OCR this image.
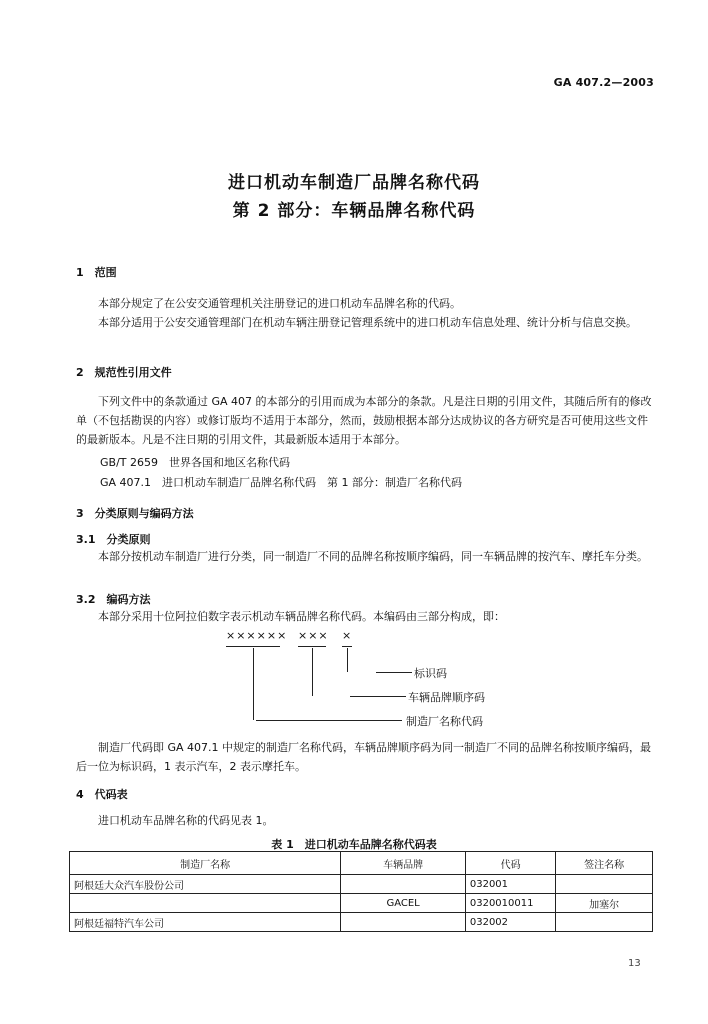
GA 407.2—2003
进口机动车制造厂品牌名称代码
第 2 部分：车辆品牌名称代码
1　范围
本部分规定了在公安交通管理机关注册登记的进口机动车品牌名称的代码。
本部分适用于公安交通管理部门在机动车辆注册登记管理系统中的进口机动车信息处理、统计分析与信息交换。
2　规范性引用文件
下列文件中的条款通过 GA 407 的本部分的引用而成为本部分的条款。凡是注日期的引用文件，其随后所有的修改单（不包括勘误的内容）或修订版均不适用于本部分，然而，鼓励根据本部分达成协议的各方研究是否可使用这些文件的最新版本。凡是不注日期的引用文件，其最新版本适用于本部分。
GB/T 2659　世界各国和地区名称代码
GA 407.1　进口机动车制造厂品牌名称代码　第 1 部分：制造厂名称代码
3　分类原则与编码方法
3.1　分类原则
本部分按机动车制造厂进行分类，同一制造厂不同的品牌名称按顺序编码，同一车辆品牌的按汽车、摩托车分类。
3.2　编码方法
本部分采用十位阿拉伯数字表示机动车辆品牌名称代码。本编码由三部分构成，即：
×××××× ××× ×
标识码
车辆品牌顺序码
制造厂名称代码
制造厂代码即 GA 407.1 中规定的制造厂名称代码，车辆品牌顺序码为同一制造厂不同的品牌名称按顺序编码，最后一位为标识码，1 表示汽车，2 表示摩托车。
4　代码表
进口机动车品牌名称的代码见表 1。
表 1　进口机动车品牌名称代码表
制造厂名称	车辆品牌	代码	签注名称
阿根廷大众汽车股份公司		032001	
	GACEL	0320010011	加塞尔
阿根廷福特汽车公司		032002	
13
